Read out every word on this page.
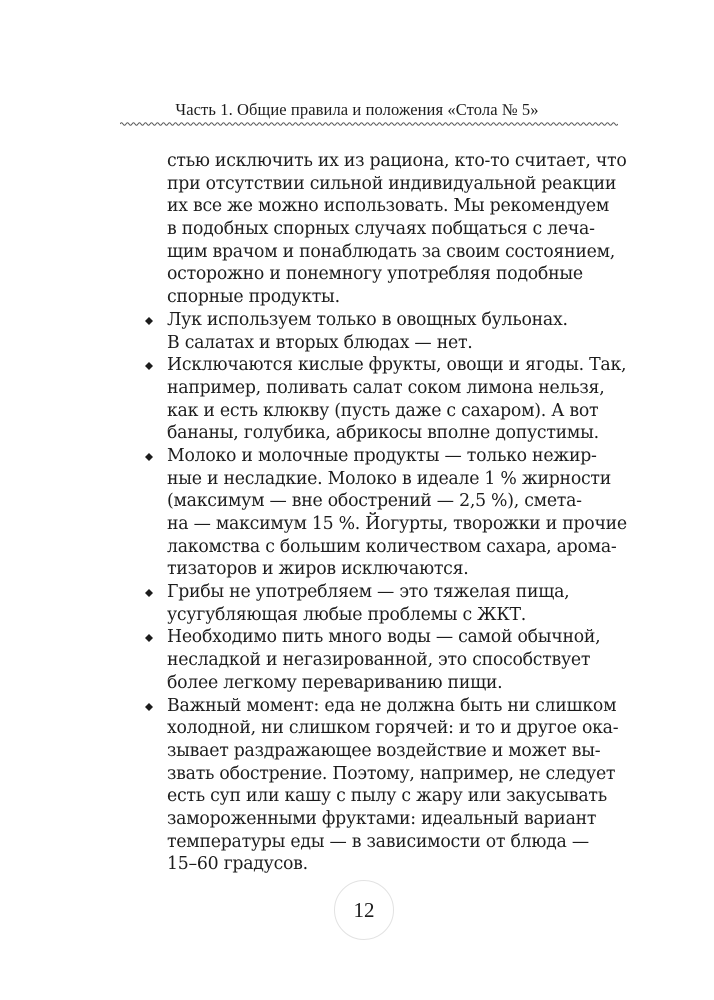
Часть 1. Общие правила и положения «Стола № 5»
стью исключить их из рациона, кто-то считает, что
при отсутствии сильной индивидуальной реакции
их все же можно использовать. Мы рекомендуем
в подобных спорных случаях побщаться с леча-
щим врачом и понаблюдать за своим состоянием,
осторожно и понемногу употребляя подобные
спорные продукты.
Лук используем только в овощных бульонах.
В салатах и вторых блюдах — нет.
Исключаются кислые фрукты, овощи и ягоды. Так,
например, поливать салат соком лимона нельзя,
как и есть клюкву (пусть даже с сахаром). А вот
бананы, голубика, абрикосы вполне допустимы.
Молоко и молочные продукты — только нежир-
ные и несладкие. Молоко в идеале 1 % жирности
(максимум — вне обострений — 2,5 %), смета-
на — максимум 15 %. Йогурты, творожки и прочие
лакомства с большим количеством сахара, арома-
тизаторов и жиров исключаются.
Грибы не употребляем — это тяжелая пища,
усугубляющая любые проблемы с ЖКТ.
Необходимо пить много воды — самой обычной,
несладкой и негазированной, это способствует
более легкому перевариванию пищи.
Важный момент: еда не должна быть ни слишком
холодной, ни слишком горячей: и то и другое ока-
зывает раздражающее воздействие и может вы-
звать обострение. Поэтому, например, не следует
есть суп или кашу с пылу с жару или закусывать
замороженными фруктами: идеальный вариант
температуры еды — в зависимости от блюда —
15–60 градусов.
12
